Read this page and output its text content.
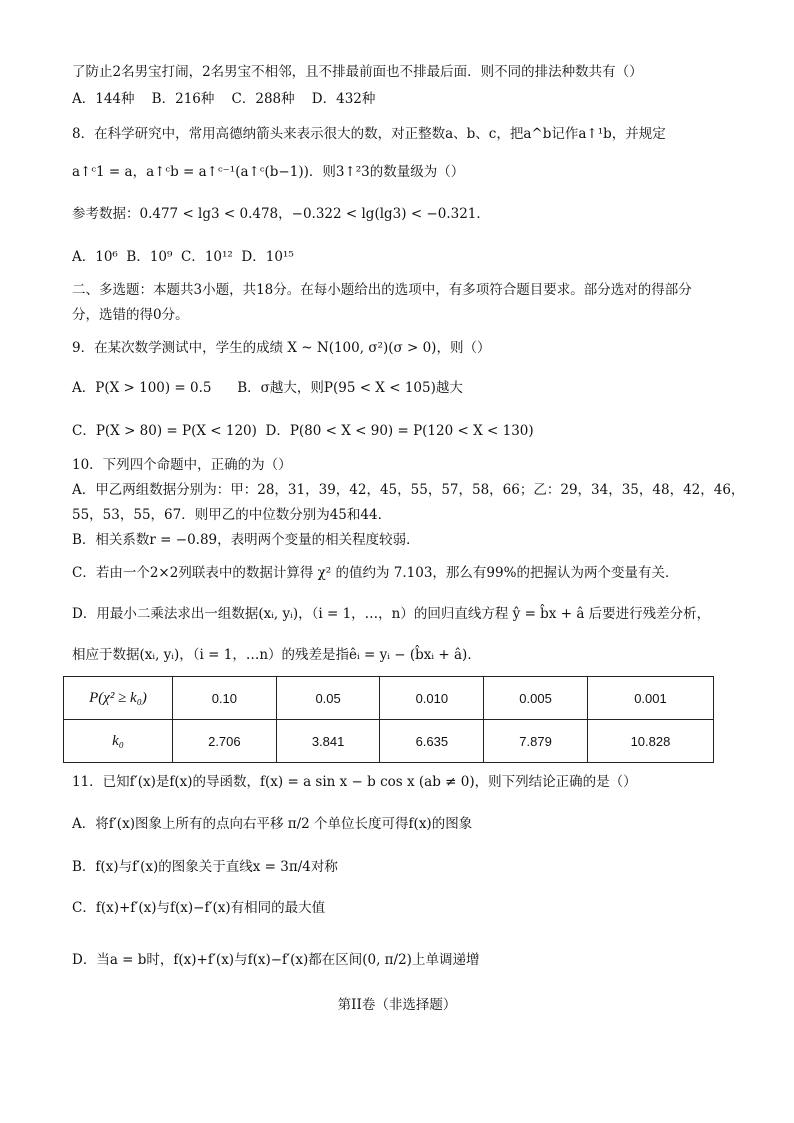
了防止2名男宝打闹，2名男宝不相邻，且不排最前面也不排最后面．则不同的排法种数共有（）
A．144种    B．216种    C．288种    D．432种
8．在科学研究中，常用高德纳箭头来表示很大的数，对正整数a、b、c，把a^b记作a↑¹b，并规定
a↑ᶜ1 = a，a↑ᶜb = a↑ᶜ⁻¹(a↑ᶜ(b−1))．则3↑²3的数量级为（）
参考数据：0.477 < lg3 < 0.478，−0.322 < lg(lg3) < −0.321．
A．10⁶  B．10⁹  C．10¹²  D．10¹⁵
二、多选题：本题共3小题，共18分。在每小题给出的选项中，有多项符合题目要求。部分选对的得部分
分，选错的得0分。
9．在某次数学测试中，学生的成绩 X ~ N(100, σ²)(σ > 0)，则（）
A．P(X > 100) = 0.5      B．σ越大，则P(95 < X < 105)越大
C．P(X > 80) = P(X < 120)  D．P(80 < X < 90) = P(120 < X < 130)
10．下列四个命题中，正确的为（）
A．甲乙两组数据分别为：甲：28，31，39，42，45，55，57，58，66；乙：29，34，35，48，42，46，
55，53，55，67．则甲乙的中位数分别为45和44．
B．相关系数r = −0.89，表明两个变量的相关程度较弱．
C．若由一个2×2列联表中的数据计算得 χ² 的值约为 7.103，那么有99%的把握认为两个变量有关．
D．用最小二乘法求出一组数据(xᵢ, yᵢ)，（i = 1，…，n）的回归直线方程 ŷ = b̂x + â 后要进行残差分析，
相应于数据(xᵢ, yᵢ)，（i = 1，…n）的残差是指êᵢ = yᵢ − (b̂xᵢ + â)．
P(χ² ≥ k₀)	0.10	0.05	0.010	0.005	0.001
k₀	2.706	3.841	6.635	7.879	10.828
11．已知f′(x)是f(x)的导函数，f(x) = a sin x − b cos x (ab ≠ 0)，则下列结论正确的是（）
A．将f′(x)图象上所有的点向右平移 π/2 个单位长度可得f(x)的图象
B．f(x)与f′(x)的图象关于直线x = 3π/4对称
C．f(x)+f′(x)与f(x)−f′(x)有相同的最大值
D．当a = b时，f(x)+f′(x)与f(x)−f′(x)都在区间(0, π/2)上单调递增
第II卷（非选择题）
